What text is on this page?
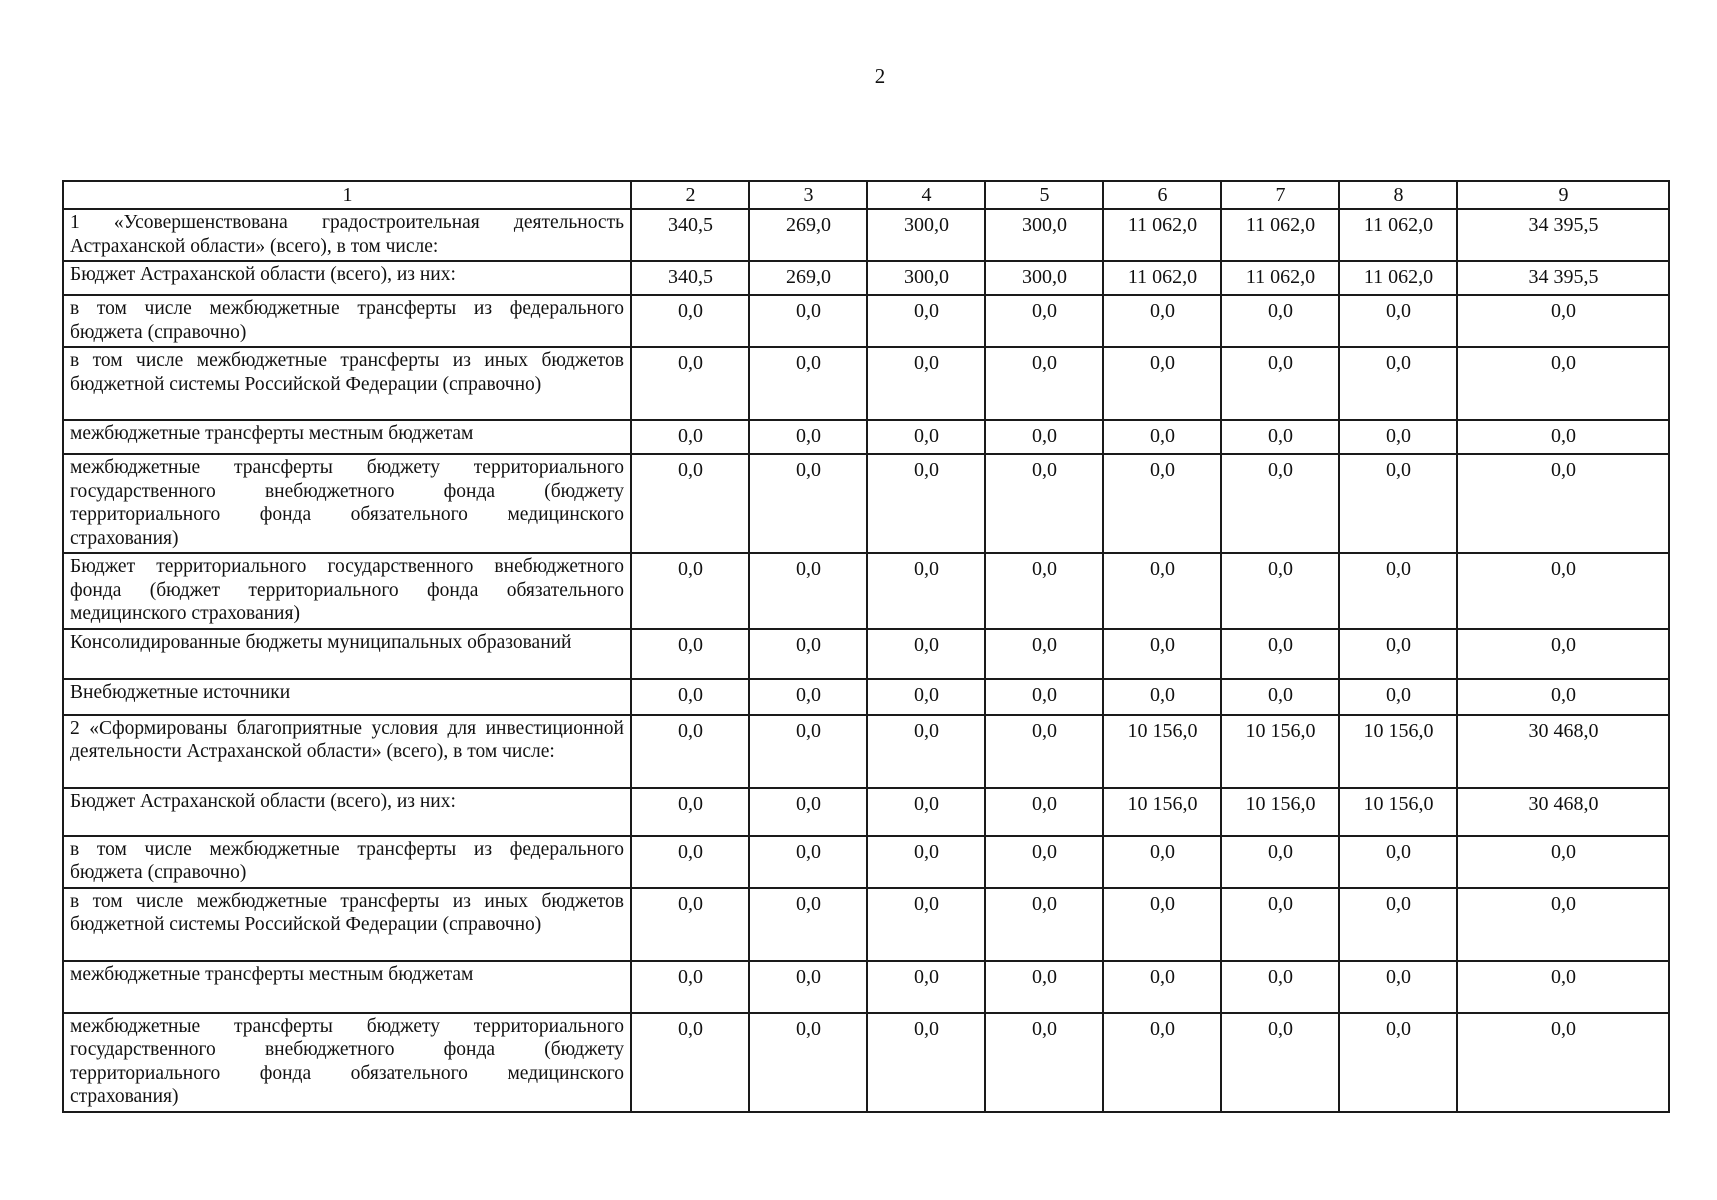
2
1	2	3	4	5	6	7	8	9
1 «Усовершенствована градостроительная деятельность Астраханской области» (всего), в том числе:	340,5	269,0	300,0	300,0	11 062,0	11 062,0	11 062,0	34 395,5
Бюджет Астраханской области (всего), из них:	340,5	269,0	300,0	300,0	11 062,0	11 062,0	11 062,0	34 395,5
в том числе межбюджетные трансферты из федерального бюджета (справочно)	0,0	0,0	0,0	0,0	0,0	0,0	0,0	0,0
в том числе межбюджетные трансферты из иных бюджетов бюджетной системы Российской Федерации (справочно)	0,0	0,0	0,0	0,0	0,0	0,0	0,0	0,0
межбюджетные трансферты местным бюджетам	0,0	0,0	0,0	0,0	0,0	0,0	0,0	0,0
межбюджетные трансферты бюджету территориального государственного внебюджетного фонда (бюджету территориального фонда обязательного медицинского страхования)	0,0	0,0	0,0	0,0	0,0	0,0	0,0	0,0
Бюджет территориального государственного внебюджетного фонда (бюджет территориального фонда обязательного медицинского страхования)	0,0	0,0	0,0	0,0	0,0	0,0	0,0	0,0
Консолидированные бюджеты муниципальных образований	0,0	0,0	0,0	0,0	0,0	0,0	0,0	0,0
Внебюджетные источники	0,0	0,0	0,0	0,0	0,0	0,0	0,0	0,0
2 «Сформированы благоприятные условия для инвестиционной деятельности Астраханской области» (всего), в том числе:	0,0	0,0	0,0	0,0	10 156,0	10 156,0	10 156,0	30 468,0
Бюджет Астраханской области (всего), из них:	0,0	0,0	0,0	0,0	10 156,0	10 156,0	10 156,0	30 468,0
в том числе межбюджетные трансферты из федерального бюджета (справочно)	0,0	0,0	0,0	0,0	0,0	0,0	0,0	0,0
в том числе межбюджетные трансферты из иных бюджетов бюджетной системы Российской Федерации (справочно)	0,0	0,0	0,0	0,0	0,0	0,0	0,0	0,0
межбюджетные трансферты местным бюджетам	0,0	0,0	0,0	0,0	0,0	0,0	0,0	0,0
межбюджетные трансферты бюджету территориального государственного внебюджетного фонда (бюджету территориального фонда обязательного медицинского страхования)	0,0	0,0	0,0	0,0	0,0	0,0	0,0	0,0
